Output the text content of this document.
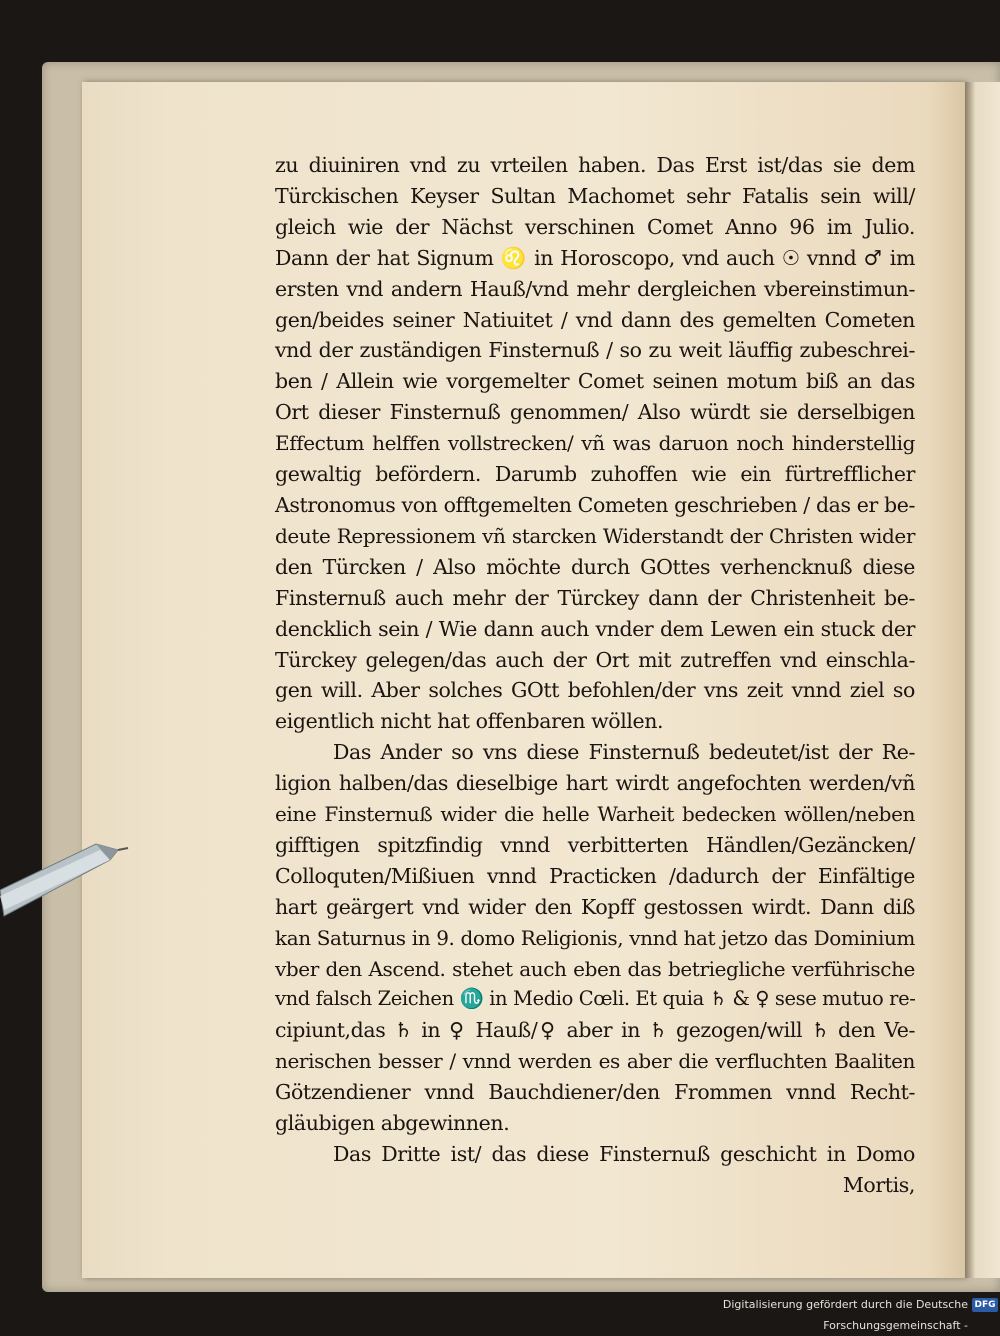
zu diuiniren vnd zu vrteilen haben. Das Erst ist/das sie dem
Türckischen Keyser Sultan Machomet sehr Fatalis sein will/
gleich wie der Nächst verschinen Comet Anno 96 im Julio.
Dann der hat Signum ♌ in Horoscopo, vnd auch ☉ vnnd ♂ im
ersten vnd andern Hauß/vnd mehr dergleichen vbereinstimun-
gen/beides seiner Natiuitet / vnd dann des gemelten Cometen
vnd der zuständigen Finsternuß / so zu weit läuffig zubeschrei-
ben / Allein wie vorgemelter Comet seinen motum biß an das
Ort dieser Finsternuß genommen/ Also würdt sie derselbigen
Effectum helffen vollstrecken/ vñ was daruon noch hinderstellig
gewaltig befördern. Darumb zuhoffen wie ein fürtrefflicher
Astronomus von offtgemelten Cometen geschrieben / das er be-
deute Repressionem vñ starcken Widerstandt der Christen wider
den Türcken / Also möchte durch GOttes verhencknuß diese
Finsternuß auch mehr der Türckey dann der Christenheit be-
dencklich sein / Wie dann auch vnder dem Lewen ein stuck der
Türckey gelegen/das auch der Ort mit zutreffen vnd einschla-
gen will. Aber solches GOtt befohlen/der vns zeit vnnd ziel so
eigentlich nicht hat offenbaren wöllen.
Das Ander so vns diese Finsternuß bedeutet/ist der Re-
ligion halben/das dieselbige hart wirdt angefochten werden/vñ
eine Finsternuß wider die helle Warheit bedecken wöllen/neben
gifftigen spitzfindig vnnd verbitterten Händlen/Gezäncken/
Colloquten/Mißiuen vnnd Practicken /dadurch der Einfältige
hart geärgert vnd wider den Kopff gestossen wirdt. Dann diß
kan Saturnus in 9. domo Religionis, vnnd hat jetzo das Dominium
vber den Ascend. stehet auch eben das betriegliche verführische
vnd falsch Zeichen ♏ in Medio Cœli. Et quia ♄ & ♀ sese mutuo re-
cipiunt,das ♄ in ♀ Hauß/♀ aber in ♄ gezogen/will ♄ den Ve-
nerischen besser / vnnd werden es aber die verfluchten Baaliten
Götzendiener vnnd Bauchdiener/den Frommen vnnd Recht-
gläubigen abgewinnen.
Das Dritte ist/ das diese Finsternuß geschicht in Domo
Mortis,
Digitalisierung gefördert durch die Deutsche Forschungsgemeinschaft -
DFG
